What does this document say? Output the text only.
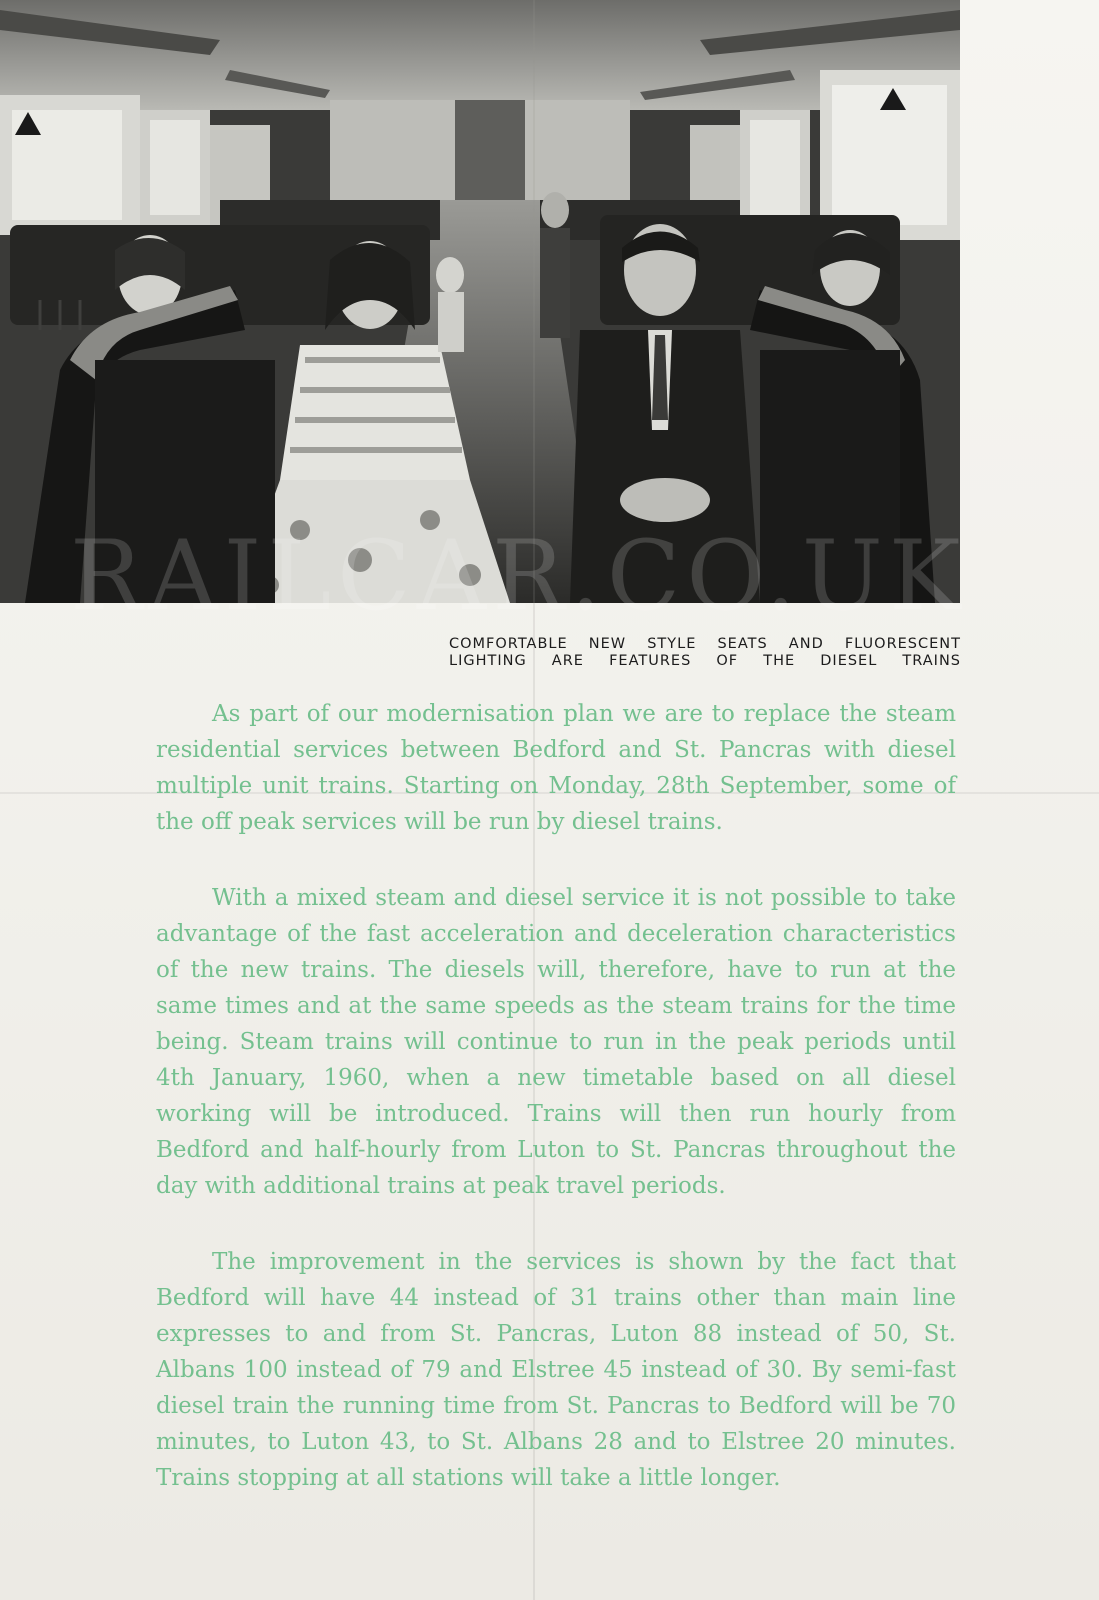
COMFORTABLE NEW STYLE SEATS AND FLUORESCENT
LIGHTING ARE FEATURES OF THE DIESEL TRAINS

As part of our modernisation plan we are to replace the steam residential services between Bedford and St. Pancras with diesel multiple unit trains. Starting on Monday, 28th September, some of the off peak services will be run by diesel trains.

With a mixed steam and diesel service it is not possible to take advantage of the fast acceleration and deceleration characteristics of the new trains. The diesels will, therefore, have to run at the same times and at the same speeds as the steam trains for the time being. Steam trains will continue to run in the peak periods until 4th January, 1960, when a new timetable based on all diesel working will be introduced. Trains will then run hourly from Bedford and half-hourly from Luton to St. Pancras throughout the day with additional trains at peak travel periods.

The improvement in the services is shown by the fact that Bedford will have 44 instead of 31 trains other than main line expresses to and from St. Pancras, Luton 88 instead of 50, St. Albans 100 instead of 79 and Elstree 45 instead of 30. By semi-fast diesel train the running time from St. Pancras to Bedford will be 70 minutes, to Luton 43, to St. Albans 28 and to Elstree 20 minutes. Trains stopping at all stations will take a little longer.
